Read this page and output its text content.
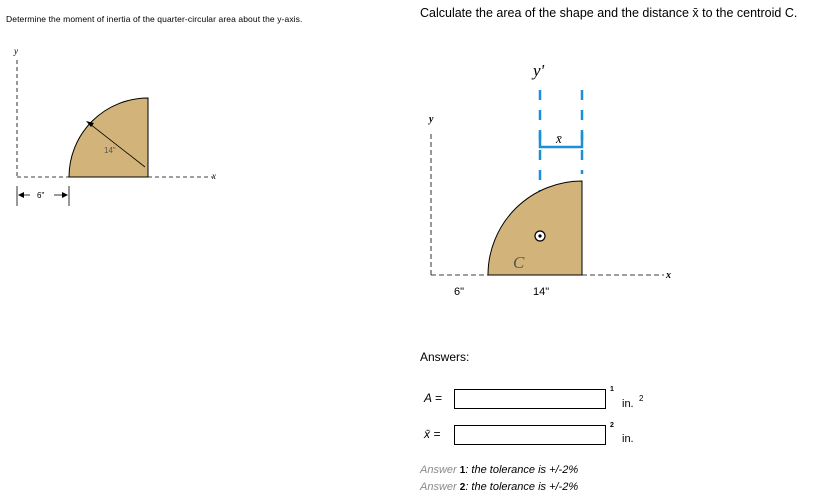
Determine the moment of inertia of the quarter-circular area about the y-axis.
y
x
14"
6"
Calculate the area of the shape and the distance x̄ to the centroid C.
y'
x̄
y
x
C
6"	14"
Answers:
A =
1
in. 2
x̄ =
2
in.
Answer 1: the tolerance is +/-2%
Answer 2: the tolerance is +/-2%
